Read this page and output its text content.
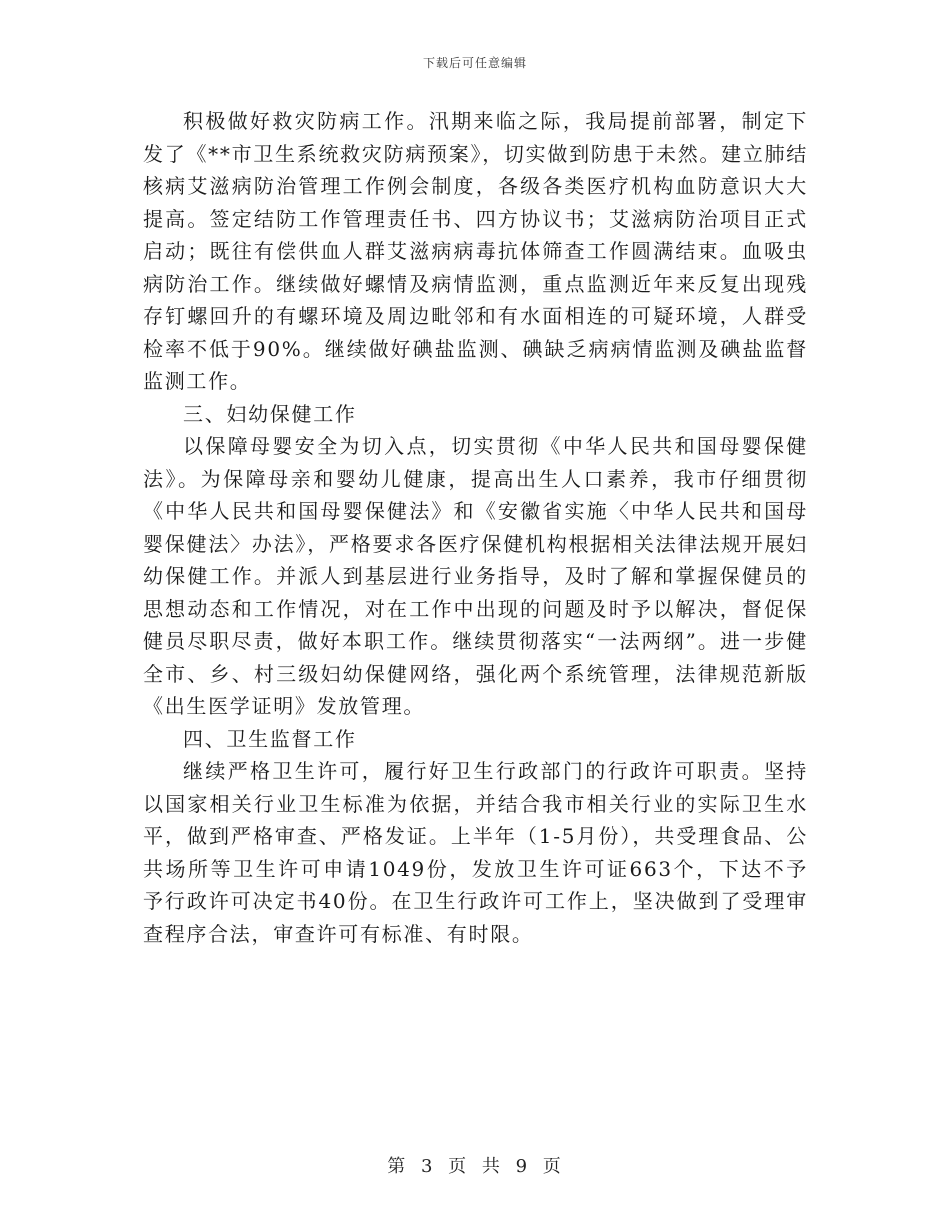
下载后可任意编辑

积极做好救灾防病工作。汛期来临之际，我局提前部署，制定下发了《**市卫生系统救灾防病预案》，切实做到防患于未然。建立肺结核病艾滋病防治管理工作例会制度，各级各类医疗机构血防意识大大提高。签定结防工作管理责任书、四方协议书；艾滋病防治项目正式启动；既往有偿供血人群艾滋病病毒抗体筛查工作圆满结束。血吸虫病防治工作。继续做好螺情及病情监测，重点监测近年来反复出现残存钉螺回升的有螺环境及周边毗邻和有水面相连的可疑环境，人群受检率不低于90%。继续做好碘盐监测、碘缺乏病病情监测及碘盐监督监测工作。

三、妇幼保健工作

以保障母婴安全为切入点，切实贯彻《中华人民共和国母婴保健法》。为保障母亲和婴幼儿健康，提高出生人口素养，我市仔细贯彻《中华人民共和国母婴保健法》和《安徽省实施〈中华人民共和国母婴保健法〉办法》，严格要求各医疗保健机构根据相关法律法规开展妇幼保健工作。并派人到基层进行业务指导，及时了解和掌握保健员的思想动态和工作情况，对在工作中出现的问题及时予以解决，督促保健员尽职尽责，做好本职工作。继续贯彻落实“一法两纲”。进一步健全市、乡、村三级妇幼保健网络，强化两个系统管理，法律规范新版《出生医学证明》发放管理。

四、卫生监督工作

继续严格卫生许可，履行好卫生行政部门的行政许可职责。坚持以国家相关行业卫生标准为依据，并结合我市相关行业的实际卫生水平，做到严格审查、严格发证。上半年（1-5月份），共受理食品、公共场所等卫生许可申请1049份，发放卫生许可证663个，下达不予予行政许可决定书40份。在卫生行政许可工作上，坚决做到了受理审查程序合法，审查许可有标准、有时限。

第 3 页 共 9 页
